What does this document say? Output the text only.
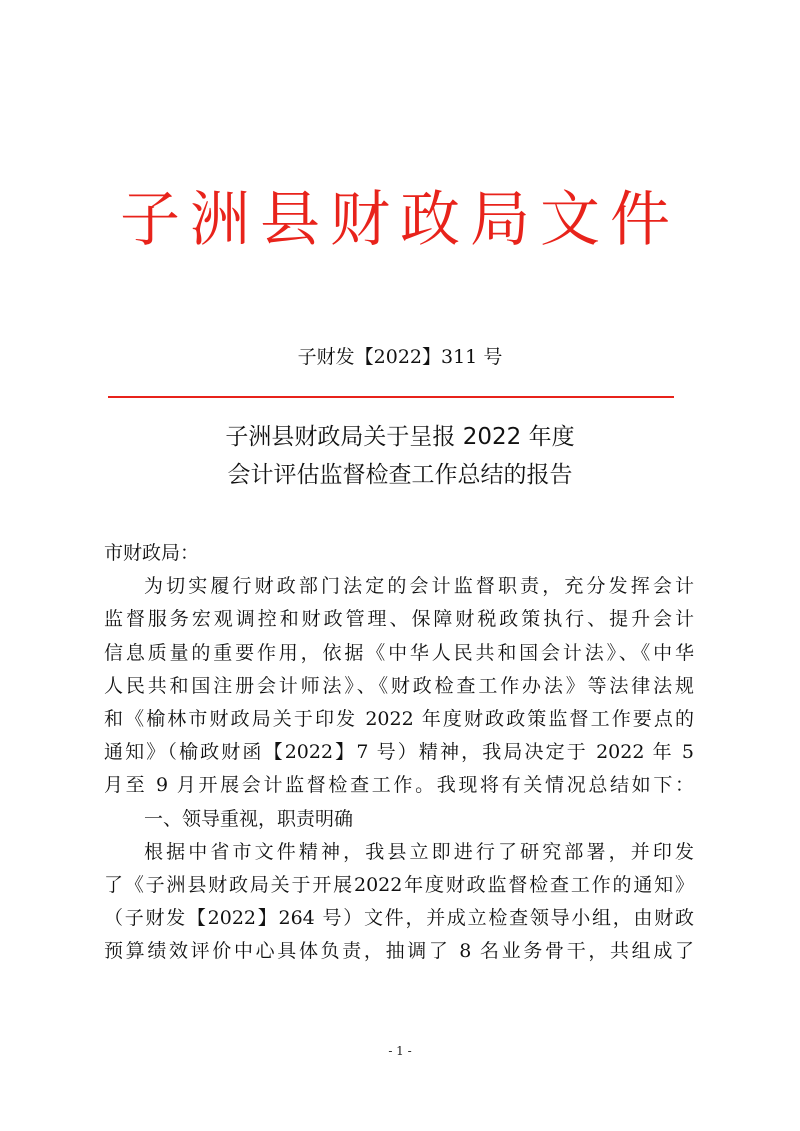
子洲县财政局文件
子财发【2022】311 号
子洲县财政局关于呈报 2022 年度
会计评估监督检查工作总结的报告
市财政局：
为切实履行财政部门法定的会计监督职责，充分发挥会计
监督服务宏观调控和财政管理、保障财税政策执行、提升会计
信息质量的重要作用，依据《中华人民共和国会计法》、《中华
人民共和国注册会计师法》、《财政检查工作办法》等法律法规
和《榆林市财政局关于印发 2022 年度财政政策监督工作要点的
通知》（榆政财函【2022】7 号）精神，我局决定于 2022 年 5
月至 9 月开展会计监督检查工作。我现将有关情况总结如下：
一、领导重视，职责明确
根据中省市文件精神，我县立即进行了研究部署，并印发
了《子洲县财政局关于开展2022年度财政监督检查工作的通知》
（子财发【2022】264 号）文件，并成立检查领导小组，由财政
预算绩效评价中心具体负责，抽调了 8 名业务骨干，共组成了
- 1 -
